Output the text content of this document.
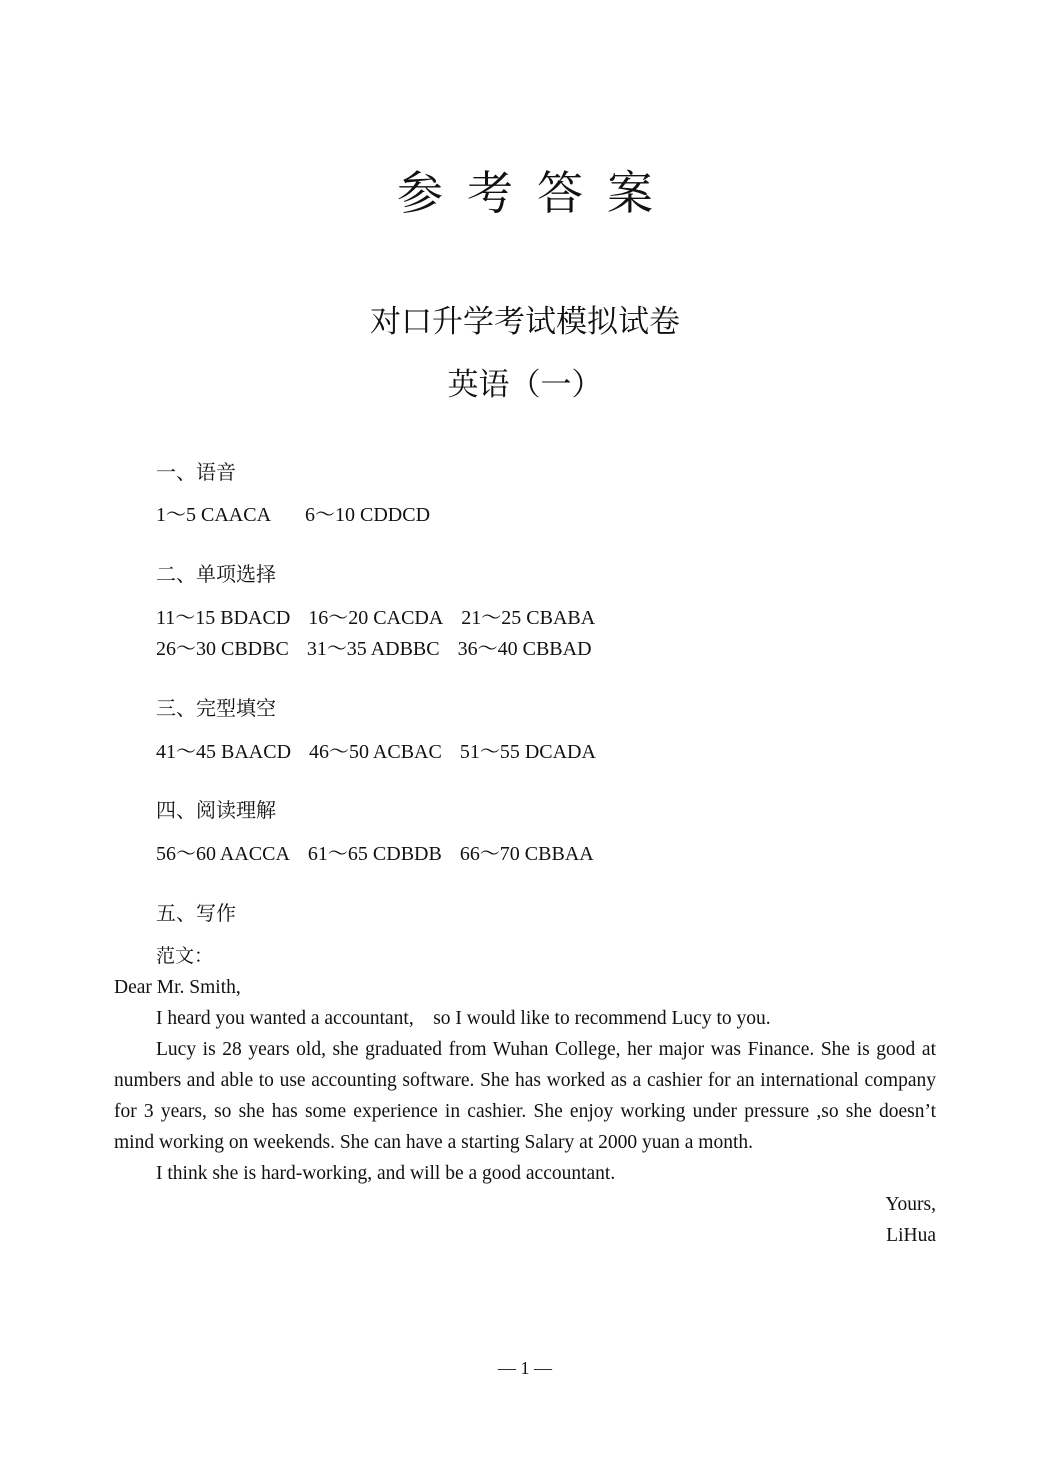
参考答案
对口升学考试模拟试卷
英语（一）
一、语音
1～5 CAACA 6～10 CDDCD
二、单项选择
11～15 BDACD 16～20 CACDA 21～25 CBABA
26～30 CBDBC 31～35 ADBBC 36～40 CBBAD
三、完型填空
41～45 BAACD 46～50 ACBAC 51～55 DCADA
四、阅读理解
56～60 AACCA 61～65 CDBDB 66～70 CBBAA
五、写作

范文：

Dear Mr. Smith,

I heard you wanted a accountant,    so I would like to recommend Lucy to you.

Lucy is 28 years old, she graduated from Wuhan College, her major was Finance. She is good at numbers and able to use accounting software. She has worked as a cashier for an international company for 3 years, so she has some experience in cashier. She enjoy working under pressure ,so she doesn’t mind working on weekends. She can have a starting Salary at 2000 yuan a month.

I think she is hard-working, and will be a good accountant.

Yours,

LiHua

— 1 —
